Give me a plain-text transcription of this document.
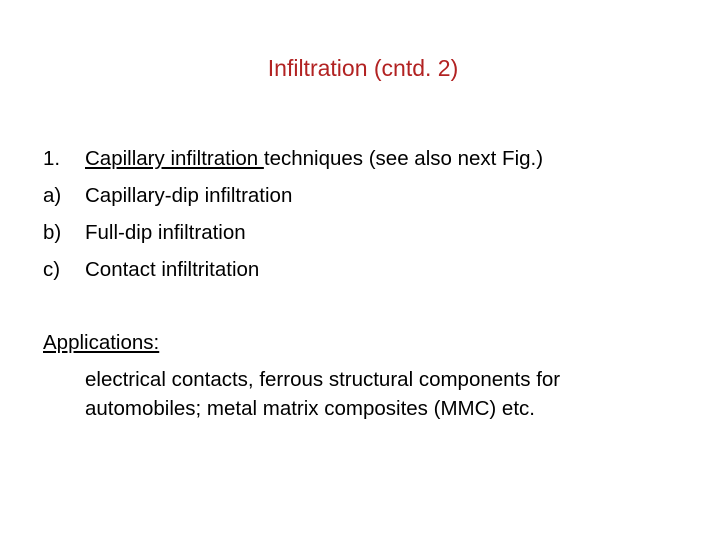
Infiltration (cntd. 2)
1. Capillary infiltration techniques (see also next Fig.)
a) Capillary-dip infiltration
b) Full-dip infiltration
c) Contact infiltritation
Applications:
electrical contacts, ferrous structural components for
automobiles; metal matrix composites (MMC) etc.
